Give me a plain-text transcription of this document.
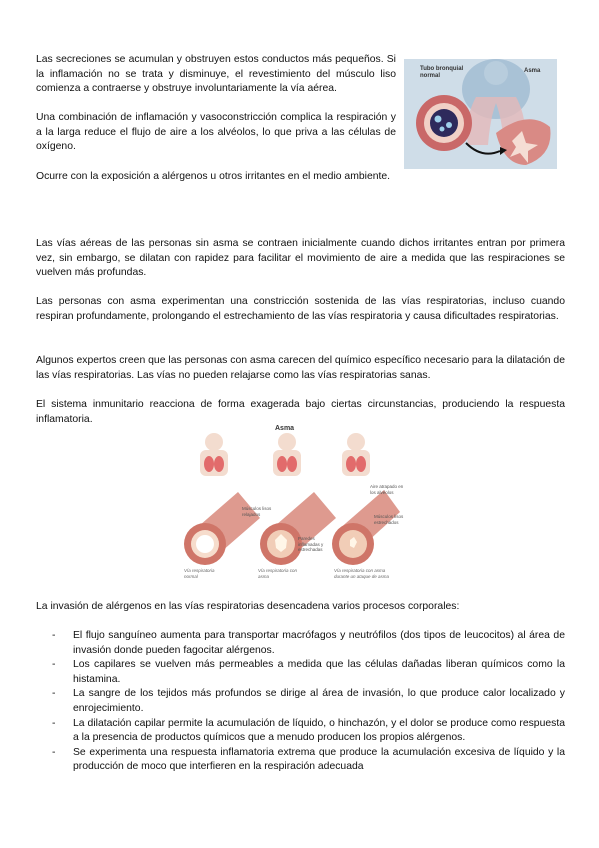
Las secreciones se acumulan y obstruyen estos conductos más pequeños. Si la inflamación no se trata y disminuye, el revestimiento del músculo liso comienza a contraerse y obstruye involuntariamente la vía aérea.

Una combinación de inflamación y vasoconstricción complica la respiración y a la larga reduce el flujo de aire a los alvéolos, lo que priva a las células de oxígeno.

Ocurre con la exposición a alérgenos u otros irritantes en el medio ambiente.

Tubo bronquial normal
Asma

Las vías aéreas de las personas sin asma se contraen inicialmente cuando dichos irritantes entran por primera vez, sin embargo, se dilatan con rapidez para facilitar el movimiento de aire a medida que las respiraciones se vuelven más profundas.

Las personas con asma experimentan una constricción sostenida de las vías respiratorias, incluso cuando respiran profundamente, prolongando el estrechamiento de las vías respiratoria y causa dificultades respiratorias.

Algunos expertos creen que las personas con asma carecen del químico específico necesario para la dilatación de las vías respiratorias. Las vías no pueden relajarse como las vías respiratorias sanas.

El sistema inmunitario reacciona de forma exagerada bajo ciertas circunstancias, produciendo la respuesta inflamatoria.

Asma
Aire atrapado en los alvéolos
Músculos lisos relajados	Músculos lisos estrechados
Paredes inflamadas y estrechadas
Vía respiratoria normal
Vía respiratoria con asma
Vía respiratoria con asma durante un ataque de asma

La invasión de alérgenos en las vías respiratorias desencadena varios procesos corporales:

- El flujo sanguíneo aumenta para transportar macrófagos y neutrófilos (dos tipos de leucocitos) al área de invasión donde pueden fagocitar alérgenos.
- Los capilares se vuelven más permeables a medida que las células dañadas liberan químicos como la histamina.
- La sangre de los tejidos más profundos se dirige al área de invasión, lo que produce calor localizado y enrojecimiento.
- La dilatación capilar permite la acumulación de líquido, o hinchazón, y el dolor se produce como respuesta a la presencia de productos químicos que a menudo producen los propios alérgenos.
- Se experimenta una respuesta inflamatoria extrema que produce la acumulación excesiva de líquido y la producción de moco que interfieren en la respiración adecuada
